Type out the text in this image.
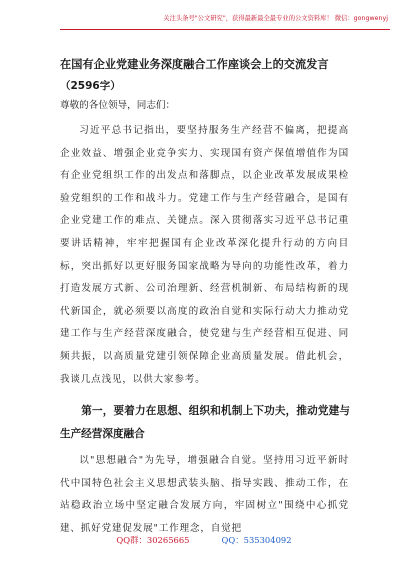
关注头条号"公文研究"，获得最新最全最专业的公文资料库！ 微信：gongwenyj
在国有企业党建业务深度融合工作座谈会上的交流发言
（2596字）
尊敬的各位领导，同志们：
习近平总书记指出，要坚持服务生产经营不偏离，把提高企业效益、增强企业竞争实力、实现国有资产保值增值作为国有企业党组织工作的出发点和落脚点，以企业改革发展成果检验党组织的工作和战斗力。党建工作与生产经营融合，是国有企业党建工作的难点、关键点。深入贯彻落实习近平总书记重要讲话精神，牢牢把握国有企业改革深化提升行动的方向目标，突出抓好以更好服务国家战略为导向的功能性改革，着力打造发展方式新、公司治理新、经营机制新、布局结构新的现代新国企，就必须要以高度的政治自觉和实际行动大力推动党建工作与生产经营深度融合，使党建与生产经营相互促进、同频共振，以高质量党建引领保障企业高质量发展。借此机会，我谈几点浅见，以供大家参考。
第一，要着力在思想、组织和机制上下功夫，推动党建与生产经营深度融合
以"思想融合"为先导，增强融合自觉。坚持用习近平新时代中国特色社会主义思想武装头脑、指导实践、推动工作，在站稳政治立场中坚定融合发展方向，牢固树立"围绕中心抓党建、抓好党建促发展"工作理念，自觉把
QQ群：30265665	QQ：535304092
